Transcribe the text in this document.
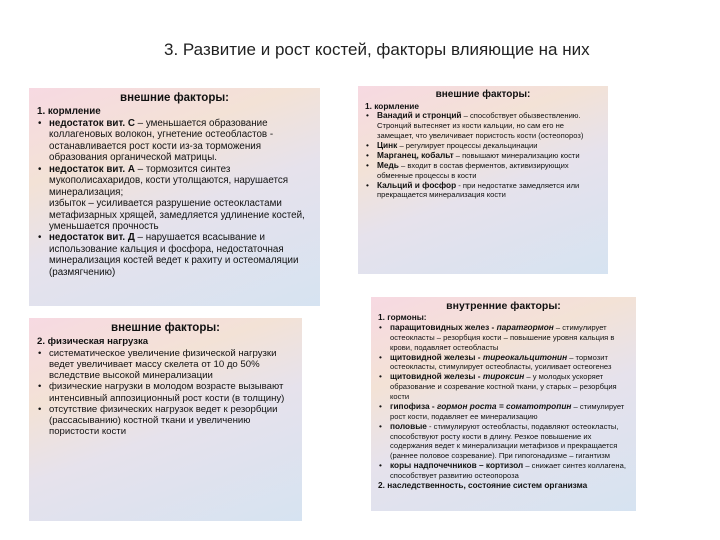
3. Развитие и рост костей, факторы влияющие на них
внешние факторы:
1. кормление
• недостаток вит. С – уменьшается образование коллагеновых волокон, угнетение остеобластов - останавливается рост кости из-за торможения образования органической матрицы.
• недостаток вит. А – тормозится синтез мукополисахаридов, кости утолщаются, нарушается минерализация;

избыток – усиливается разрушение остеокластами метафизарных хрящей, замедляется удлинение костей, уменьшается прочность

• недостаток вит. Д – нарушается всасывание и использование кальция и фосфора, недостаточная минерализация костей ведет к рахиту и остеомаляции (размягчению)
внешние факторы:
1. кормление
• Ванадий и стронций – способствует обызвествлению. Стронций вытесняет из кости кальции, но сам его не замещает, что увеличивает пористость кости (остеопороз)
• Цинк – регулирует процессы декальцинации
• Марганец, кобальт – повышают минерализацию кости
• Медь – входит в состав ферментов, активизирующих обменные процессы в кости
• Кальций и фосфор - при недостатке замедляется или прекращается минерализация кости
внешние факторы:
2. физическая нагрузка
• систематическое увеличение физической нагрузки ведет увеличивает массу скелета от 10 до 50% вследствие высокой минерализации
• физические нагрузки в молодом возрасте вызывают интенсивный аппозиционный рост кости (в толщину)
• отсутствие физических нагрузок ведет к резорбции (рассасыванию) костной ткани и увеличению пористости кости
внутренние факторы:
1. гормоны:
• паращитовидных желез - паратгормон – стимулирует остеокласты – резорбция кости – повышение уровня кальция в крови, подавляет остеобласты
• щитовидной железы - тиреокальцитонин – тормозит остеокласты, стимулирует остеобласты, усиливает остеогенез
• щитовидной железы - тироксин – у молодых ускоряет образование и созревание костной ткани, у старых – резорбция кости
• гипофиза - гормон роста = соматотропин – стимулирует рост кости, подавляет ее минерализацию
• половые - стимулируют остеобласты, подавляют остеокласты, способствуют росту кости в длину. Резкое повышение их содержания ведет к минерализации метафизов и прекращается (раннее половое созревание). При гипогонадизме – гигантизм
• коры надпочечников – кортизол – снижает синтез коллагена, способствует развитию остеопороза
2. наследственность, состояние систем организма
